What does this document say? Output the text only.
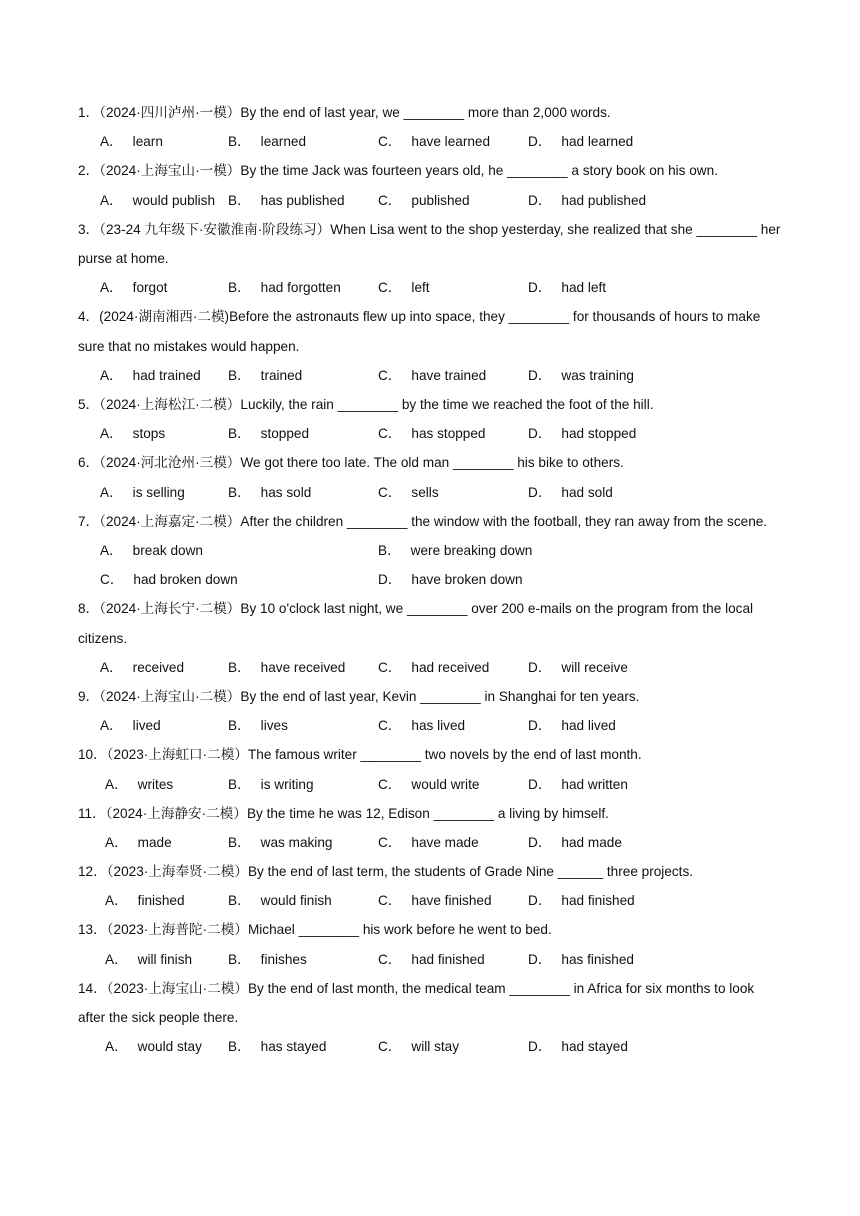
1．（2024·四川泸州·一模）By the end of last year, we ________ more than 2,000 words.
A． learn	B． learned	C． have learned	D． had learned
2．（2024·上海宝山·一模）By the time Jack was fourteen years old, he ________ a story book on his own.
A． would publish B． has published C． published	D． had published
3．（23-24 九年级下·安徽淮南·阶段练习）When Lisa went to the shop yesterday, she realized that she ________ her purse at home.
A． forgot	B． had forgotten	C． left	D． had left
4．(2024·湖南湘西·二模)Before the astronauts flew up into space, they ________ for thousands of hours to make sure that no mistakes would happen.
A． had trained B． trained	C． have trained	D． was training
5．（2024·上海松江·二模）Luckily, the rain ________ by the time we reached the foot of the hill.
A． stops	B． stopped	C． has stopped	D． had stopped
6．（2024·河北沧州·三模）We got there too late. The old man ________ his bike to others.
A． is selling	B． has sold	C． sells	D． had sold
7．（2024·上海嘉定·二模）After the children ________ the window with the football, they ran away from the scene.
A． break down	B． were breaking down
C． had broken down	D． have broken down
8．（2024·上海长宁·二模）By 10 o'clock last night, we ________ over 200 e-mails on the program from the local citizens.
A． received	B． have received C． had received	D． will receive
9．（2024·上海宝山·二模）By the end of last year, Kevin ________ in Shanghai for ten years.
A． lived	B． lives	C． has lived	D． had lived
10．（2023·上海虹口·二模）The famous writer ________ two novels by the end of last month.
A． writes	B． is writing	C． would write	D． had written
11．（2024·上海静安·二模）By the time he was 12, Edison ________ a living by himself.
A． made	B． was making	C． have made	D． had made
12．（2023·上海奉贤·二模）By the end of last term, the students of Grade Nine ______ three projects.
A． finished	B． would finish	C． have finished	D． had finished
13．（2023·上海普陀·二模）Michael ________ his work before he went to bed.
A． will finish	B． finishes	C． had finished	D． has finished
14．（2023·上海宝山·二模）By the end of last month, the medical team ________ in Africa for six months to look after the sick people there.
A． would stay B． has stayed	C． will stay	D． had stayed
